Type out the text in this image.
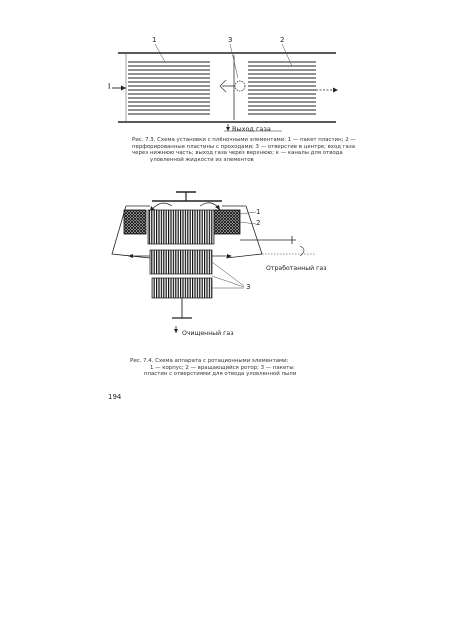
1	3	2
I
Выход газа
Рис. 7.3. Схема установки с плёночными элементами: 1 — пакет пластин; 2 —
перфорированные пластины с проходами; 3 — отверстие в центре; вход газа
через нижнюю часть; выход газа через верхнюю; к — каналы для отвода
уловленной жидкости из элементов
1
2
3
Отработанный газ
Очищенный газ
Рис. 7.4. Схема аппарата с ротационными элементами:
1 — корпус; 2 — вращающийся ротор; 3 — пакеты
пластин с отверстиями для отвода уловленной пыли
194
